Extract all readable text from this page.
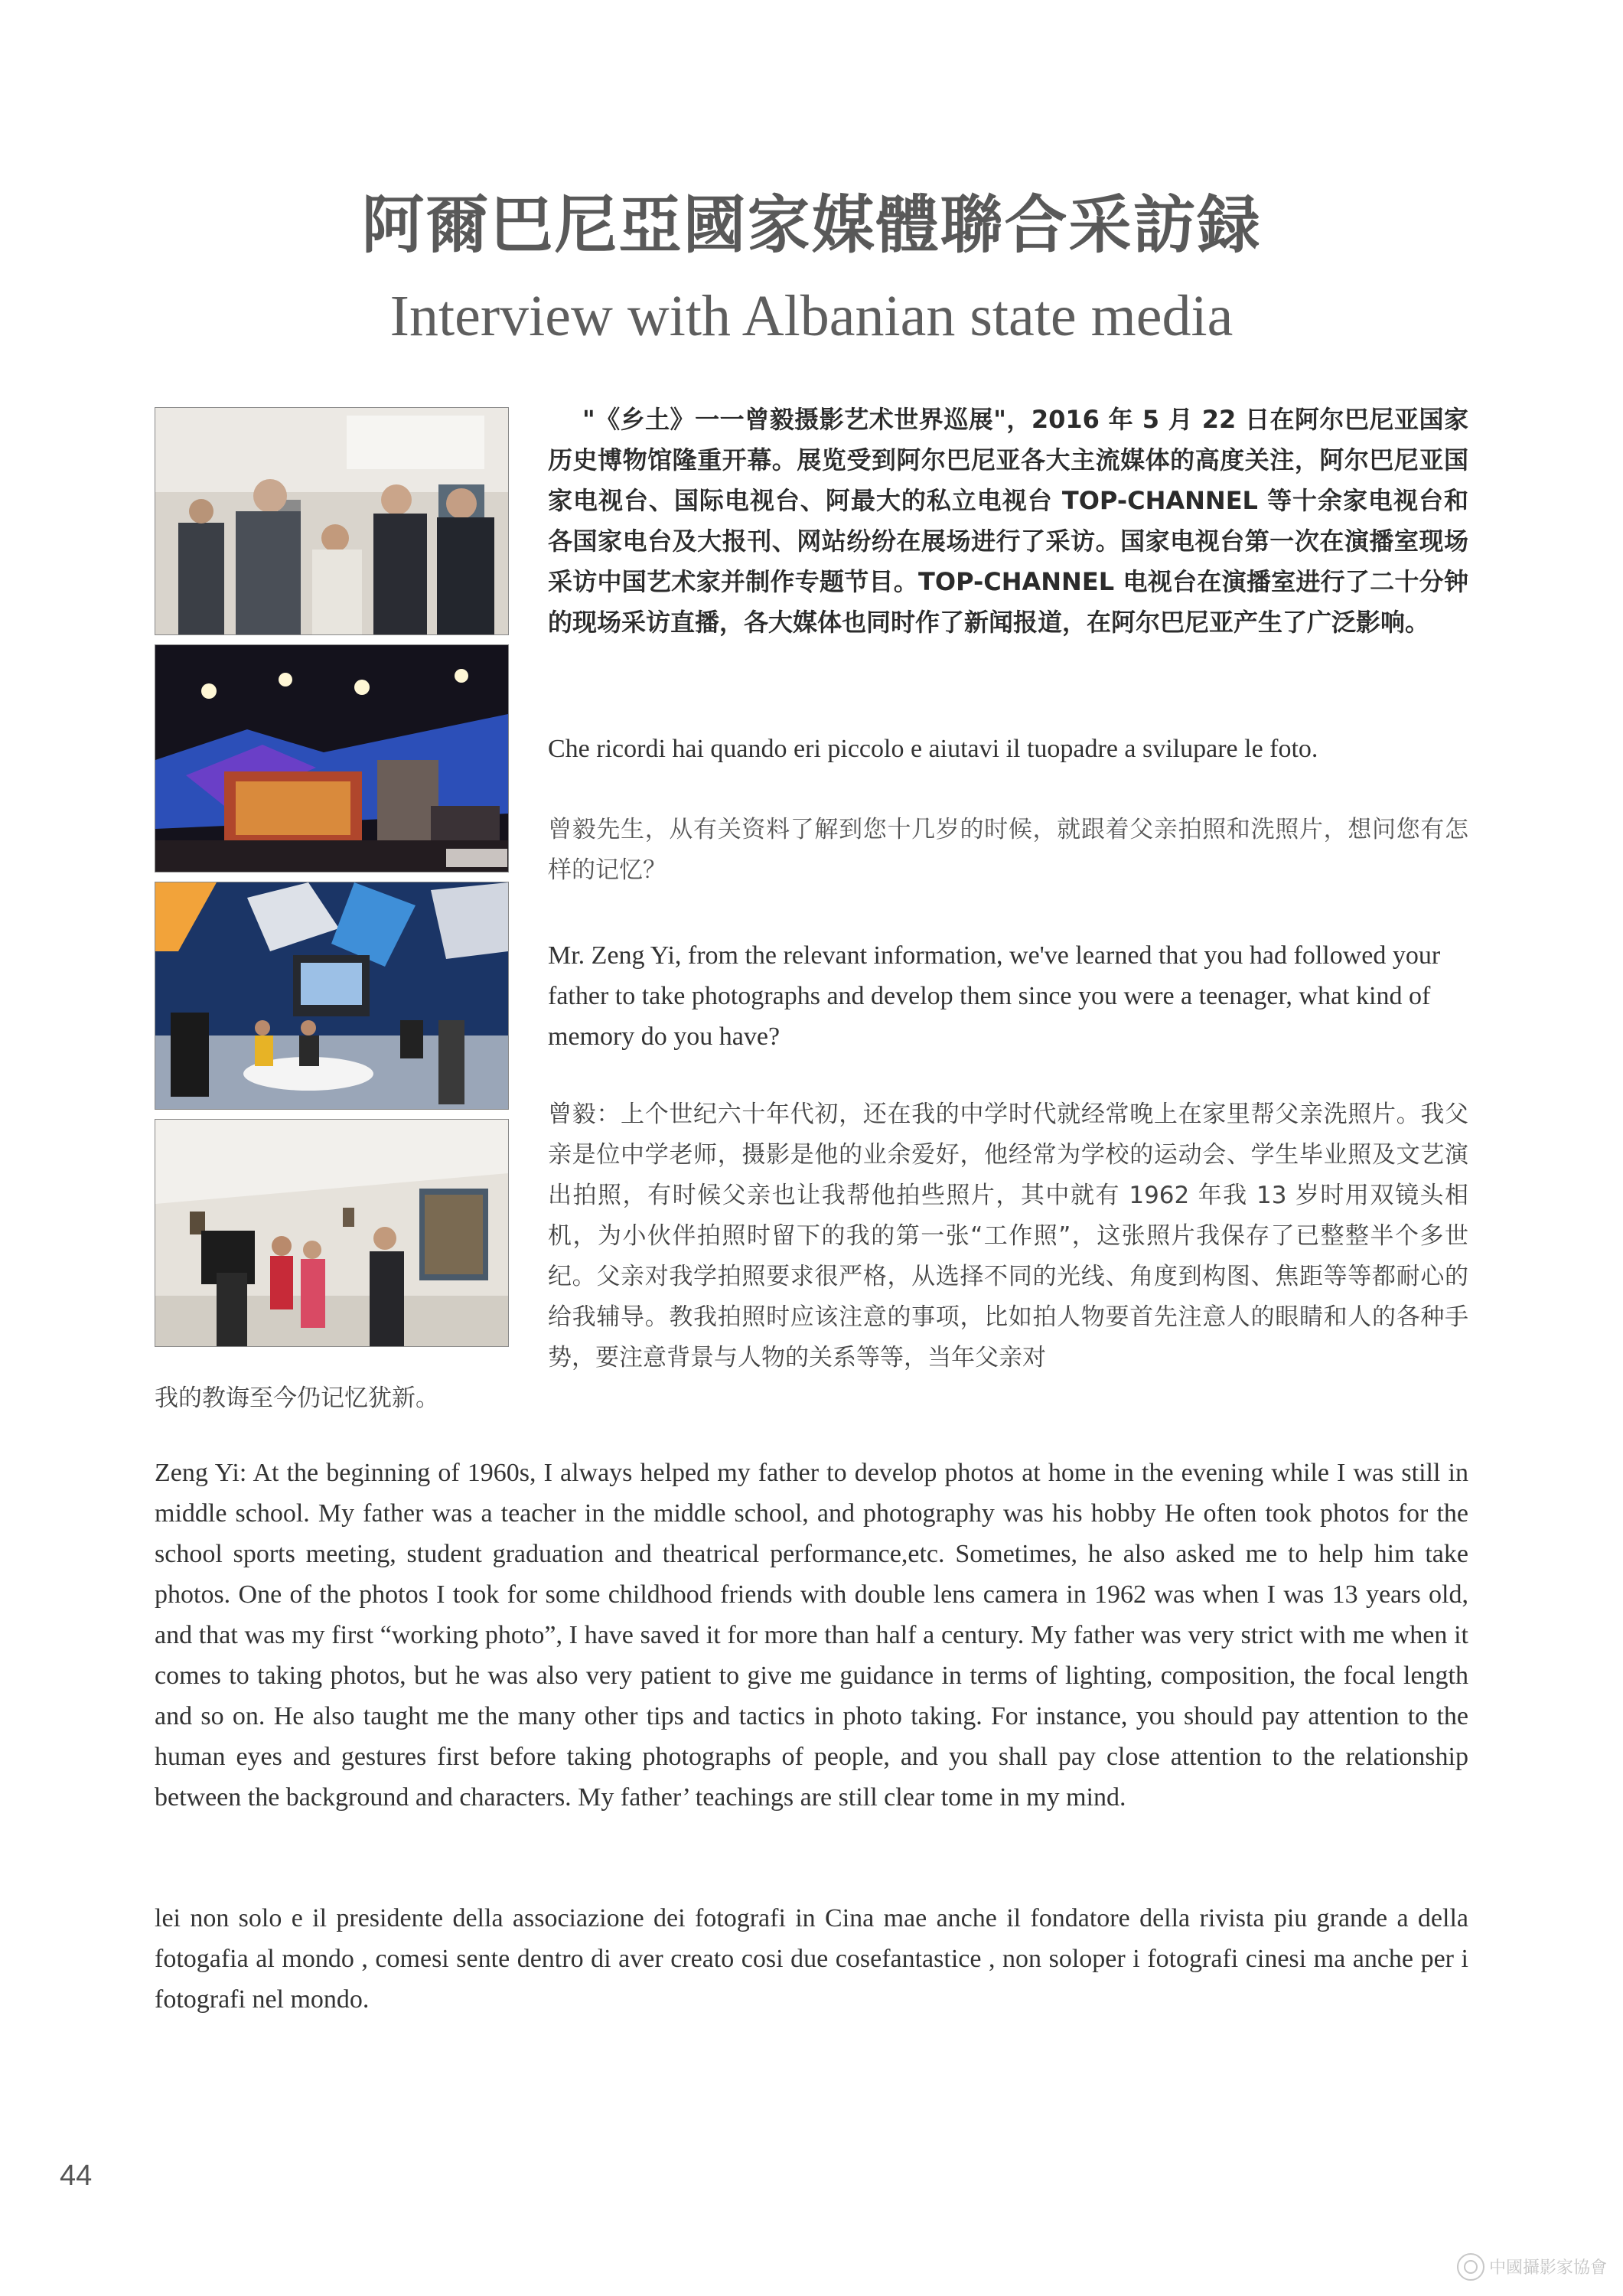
阿爾巴尼亞國家媒體聯合采訪録
Interview with Albanian state media

"《乡土》一一曾毅摄影艺术世界巡展"，2016 年 5 月 22 日在阿尔巴尼亚国家历史博物馆隆重开幕。展览受到阿尔巴尼亚各大主流媒体的高度关注，阿尔巴尼亚国家电视台、国际电视台、阿最大的私立电视台 TOP-CHANNEL 等十余家电视台和各国家电台及大报刊、网站纷纷在展场进行了采访。国家电视台第一次在演播室现场采访中国艺术家并制作专题节目。TOP-CHANNEL 电视台在演播室进行了二十分钟的现场采访直播，各大媒体也同时作了新闻报道，在阿尔巴尼亚产生了广泛影响。

Che ricordi hai quando eri piccolo e aiutavi il tuopadre a svilupare le foto.

曾毅先生，从有关资料了解到您十几岁的时候，就跟着父亲拍照和洗照片，想问您有怎样的记忆？

Mr. Zeng Yi, from the relevant information, we've learned that you had followed your father to take photographs and develop them since you were a teenager, what kind of memory do you have?

曾毅：上个世纪六十年代初，还在我的中学时代就经常晚上在家里帮父亲洗照片。我父亲是位中学老师，摄影是他的业余爱好，他经常为学校的运动会、学生毕业照及文艺演出拍照，有时候父亲也让我帮他拍些照片，其中就有 1962 年我 13 岁时用双镜头相机，为小伙伴拍照时留下的我的第一张“工作照”，这张照片我保存了已整整半个多世纪。父亲对我学拍照要求很严格，从选择不同的光线、角度到构图、焦距等等都耐心的给我辅导。教我拍照时应该注意的事项，比如拍人物要首先注意人的眼睛和人的各种手势，要注意背景与人物的关系等等，当年父亲对

我的教诲至今仍记忆犹新。

Zeng Yi: At the beginning of 1960s, I always helped my father to develop photos at home in the evening while I was still in middle school. My father was a teacher in the middle school, and photography was his hobby He often took photos for the school sports meeting, student graduation and theatrical performance,etc. Sometimes, he also asked me to help him take photos. One of the photos I took for some childhood friends with double lens camera in 1962 was when I was 13 years old, and that was my first “working photo”, I have saved it for more than half a century. My father was very strict with me when it comes to taking photos, but he was also very patient to give me guidance in terms of lighting, composition, the focal length and so on. He also taught me the many other tips and tactics in photo taking. For instance, you should pay attention to the human eyes and gestures first before taking photographs of people, and you shall pay close attention to the relationship between the background and characters. My father’ teachings are still clear tome in my mind.

lei non solo e il presidente della associazione dei fotografi in Cina mae anche il fondatore della rivista piu grande a della fotogafia al mondo , comesi sente dentro di aver creato cosi due cosefantastice , non soloper i fotografi cinesi ma anche per i fotografi nel mondo.

44
中國攝影家協會
